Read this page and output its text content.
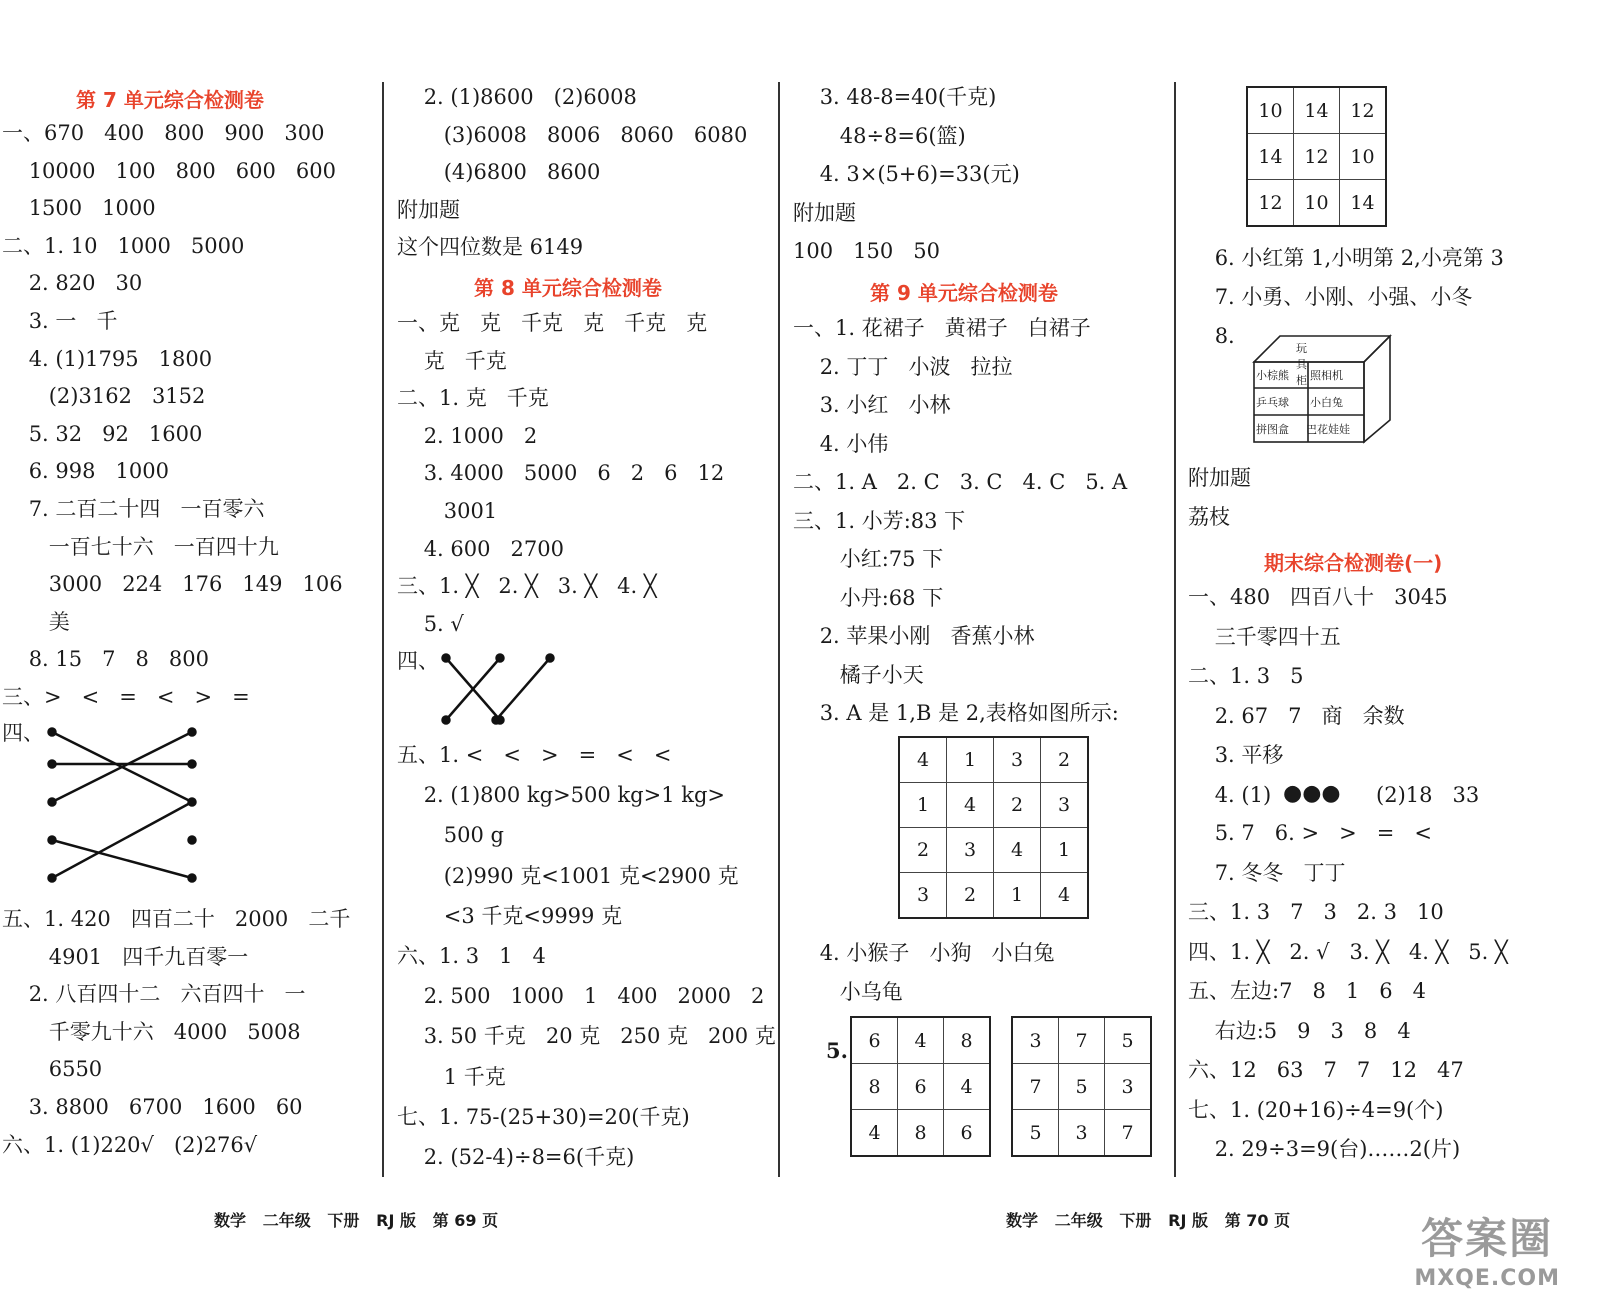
第 7 单元综合检测卷
一、670   400   800   900   300
10000   100   800   600   600
1500   1000
二、1. 10   1000   5000
2. 820   30
3. 一   千
4. (1)1795   1800
(2)3162   3152
5. 32   92   1600
6. 998   1000
7. 二百二十四   一百零六
一百七十六   一百四十九
3000   224   176   149   106
美
8. 15   7   8   800
三、>   <   =   <   >   =
四、
五、1. 420   四百二十   2000   二千
4901   四千九百零一
2. 八百四十二   六百四十   一
千零九十六   4000   5008
6550
3. 8800   6700   1600   60
六、1. (1)220√   (2)276√
2. (1)8600   (2)6008
(3)6008   8006   8060   6080
(4)6800   8600
附加题
这个四位数是 6149
第 8 单元综合检测卷
一、克   克   千克   克   千克   克
克   千克
二、1. 克   千克
2. 1000   2
3. 4000   5000   6   2   6   12
3001
4. 600   2700
三、1. ╳   2. ╳   3. ╳   4. ╳
5. √
四、
五、1. <   <   >   =   <   <
2. (1)800 kg>500 kg>1 kg>
500 g
(2)990 克<1001 克<2900 克
<3 千克<9999 克
六、1. 3   1   4
2. 500   1000   1   400   2000   2
3. 50 千克   20 克   250 克   200 克
1 千克
七、1. 75-(25+30)=20(千克)
2. (52-4)÷8=6(千克)
3. 48-8=40(千克)
48÷8=6(篮)
4. 3×(5+6)=33(元)
附加题
100   150   50
第 9 单元综合检测卷
一、1. 花裙子   黄裙子   白裙子
2. 丁丁   小波   拉拉
3. 小红   小林
4. 小伟
二、1. A   2. C   3. C   4. C   5. A
三、1. 小芳:83 下
小红:75 下
小丹:68 下
2. 苹果小刚   香蕉小林
橘子小天
3. A 是 1,B 是 2,表格如图所示:
4	1	3	2
1	4	2	3
2	3	4	1
3	2	1	4
4. 小猴子   小狗   小白兔
小乌龟
5. 6	4	8
8	6	4
4	8	6
3	7	5
7	5	3
5	3	7
10	14	12
14	12	10
12	10	14
6. 小红第 1,小明第 2,小亮第 3
7. 小勇、小刚、小强、小冬
8.
玩具柜
小棕熊 照相机
乒乓球 小白兔
拼图盒 巴花娃娃
附加题
荔枝
期末综合检测卷(一)
一、480   四百八十   3045
三千零四十五
二、1. 3   5
2. 67   7   商   余数
3. 平移
4. (1) ●●● (2)18   33
5. 7   6. >   >   =   <
7. 冬冬   丁丁
三、1. 3   7   3   2. 3   10
四、1. ╳   2. √   3. ╳   4. ╳   5. ╳
五、左边:7   8   1   6   4
右边:5   9   3   8   4
六、12   63   7   7   12   47
七、1. (20+16)÷4=9(个)
2. 29÷3=9(台)……2(片)
数学   二年级   下册   RJ 版   第 69 页	数学   二年级   下册   RJ 版   第 70 页	答案圈
MXQE.COM
